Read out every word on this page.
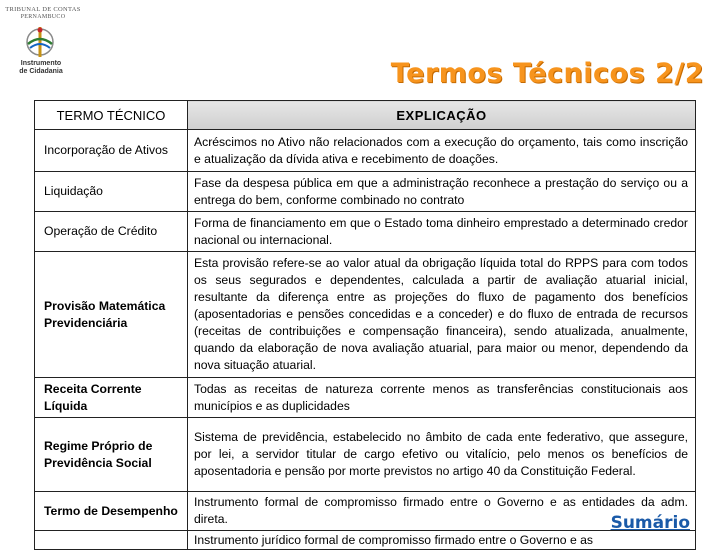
TRIBUNAL DE CONTAS
PERNAMBUCO
Instrumento
de Cidadania	Termos Técnicos 2/2
TERMO TÉCNICO	EXPLICAÇÃO
Incorporação de Ativos	Acréscimos no Ativo não relacionados com a execução do orçamento, tais como inscrição e atualização da dívida ativa e recebimento de doações.
Liquidação	Fase da despesa pública em que a administração reconhece a prestação do serviço ou a entrega do bem, conforme combinado no contrato
Operação de Crédito	Forma de financiamento em que o Estado toma dinheiro emprestado a determinado credor nacional ou internacional.
Provisão Matemática Previdenciária	Esta provisão refere-se ao valor atual da obrigação líquida total do RPPS para com todos os seus segurados e dependentes, calculada a partir de avaliação atuarial inicial, resultante da diferença entre as projeções do fluxo de pagamento dos benefícios (aposentadorias e pensões concedidas e a conceder) e do fluxo de entrada de recursos (receitas de contribuições e compensação financeira), sendo atualizada, anualmente, quando da elaboração de nova avaliação atuarial, para maior ou menor, dependendo da nova situação atuarial.
Receita Corrente Líquida	Todas as receitas de natureza corrente menos as transferências constitucionais aos municípios e as duplicidades
Regime Próprio de Previdência Social	Sistema de previdência, estabelecido no âmbito de cada ente federativo, que assegure, por lei, a servidor titular de cargo efetivo ou vitalício, pelo menos os benefícios de aposentadoria e pensão por morte previstos no artigo 40 da Constituição Federal.
Termo de Desempenho	Instrumento formal de compromisso firmado entre o Governo e as entidades da adm. direta.
	Instrumento jurídico formal de compromisso firmado entre o Governo e as
Sumário
